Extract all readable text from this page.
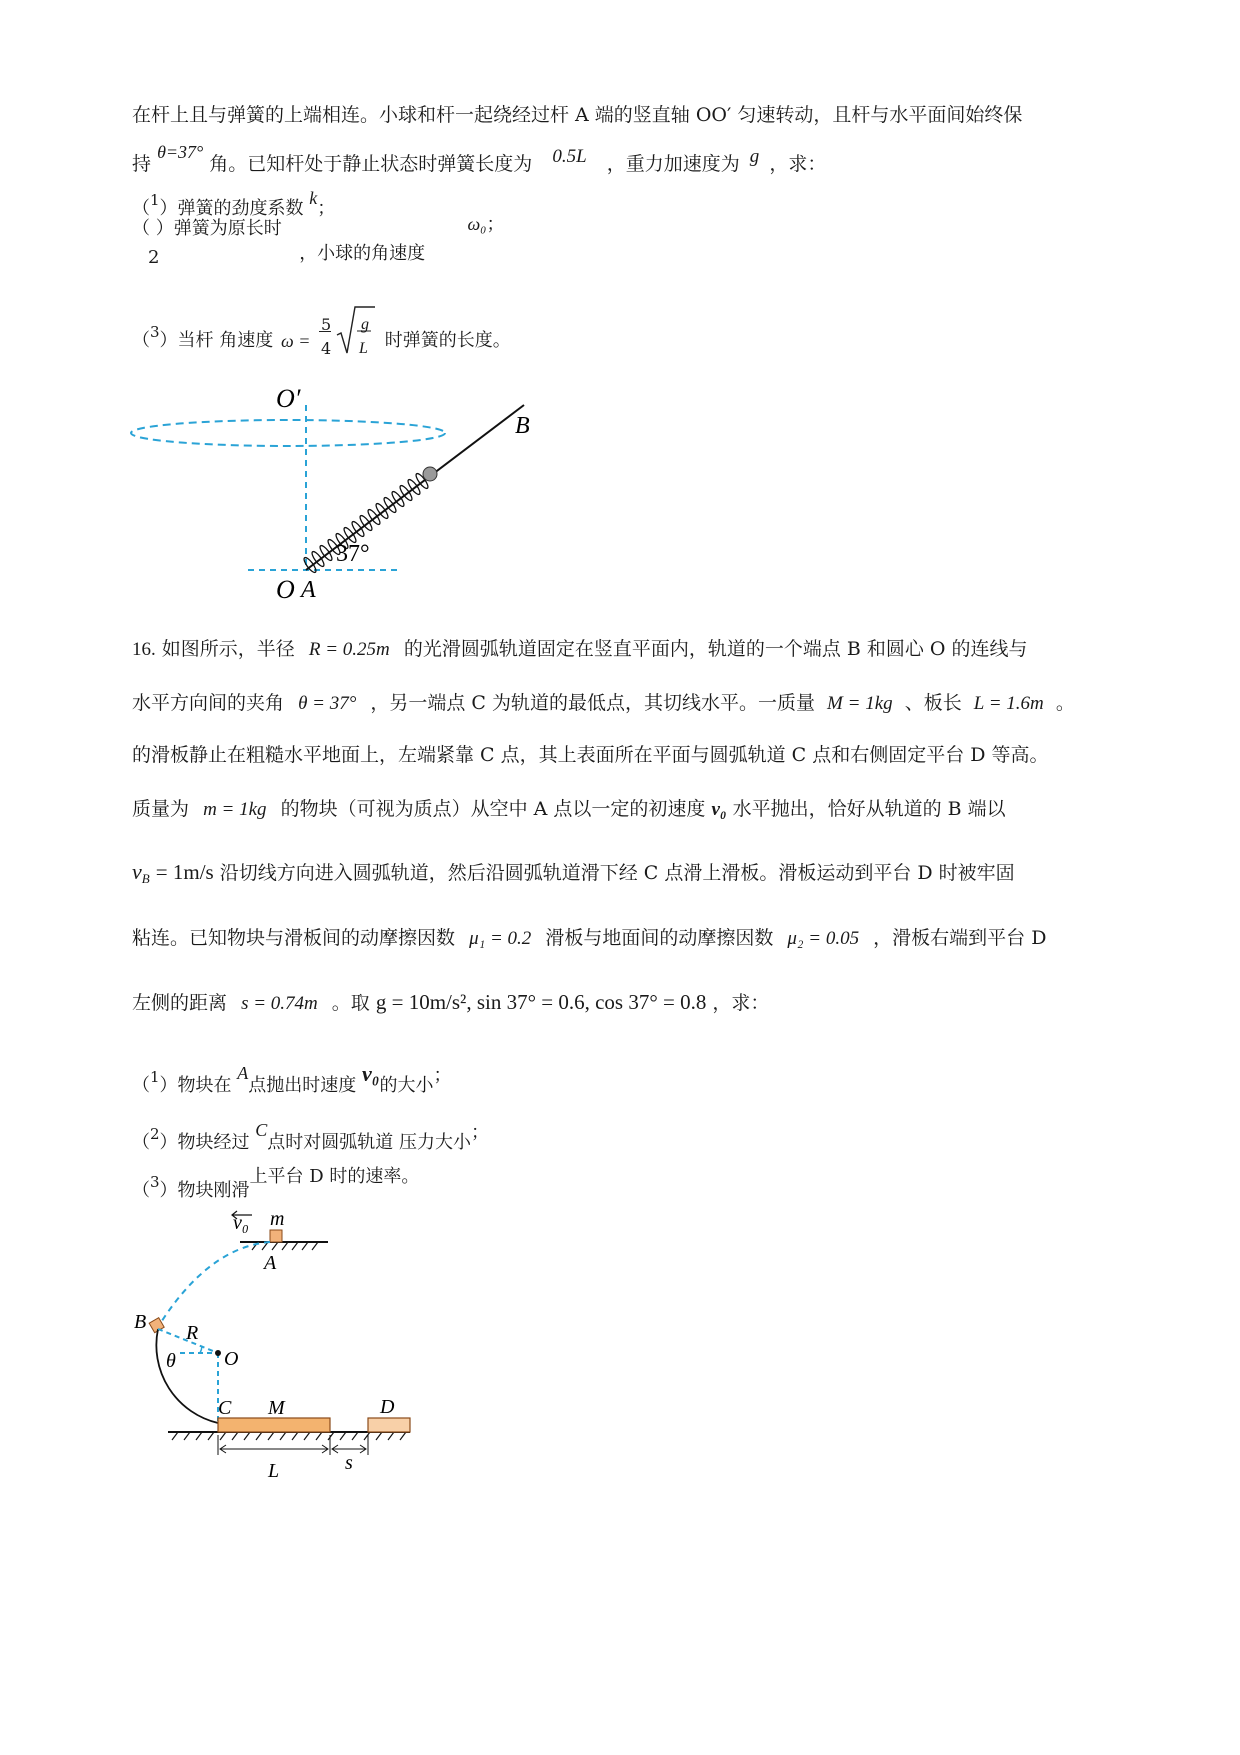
在杆上且与弹簧的上端相连。小球和杆一起绕经过杆 A 端的竖直轴 OO′ 匀速转动，且杆与水平面间始终保
持 θ=37° 角。已知杆处于静止状态时弹簧长度为 0.5L ，重力加速度为 g ，求：
（$^1$）弹簧的劲度系数 k；
（ ）弹簧为原长时	ω₀；
2	，小球的角速度
（$^3$）当杆 角速度 ω =
5
4
g
L 时弹簧的长度。
O′
B
37°
O A
16. 如图所示，半径 R = 0.25m 的光滑圆弧轨道固定在竖直平面内，轨道的一个端点 B 和圆心 O 的连线与
水平方向间的夹角 θ = 37° ，另一端点 C 为轨道的最低点，其切线水平。一质量 M = 1kg 、板长 L = 1.6m 。
的滑板静止在粗糙水平地面上，左端紧靠 C 点，其上表面所在平面与圆弧轨道 C 点和右侧固定平台 D 等高。
质量为 m = 1kg 的物块（可视为质点）从空中 A 点以一定的初速度 v₀ 水平抛出，恰好从轨道的 B 端以
$v_B = 1m/s$ 沿切线方向进入圆弧轨道，然后沿圆弧轨道滑下经 C 点滑上滑板。滑板运动到平台 D 时被牢固
粘连。已知物块与滑板间的动摩擦因数 μ₁ = 0.2 滑板与地面间的动摩擦因数 μ₂ = 0.05 ，滑板右端到平台 D
左侧的距离 s = 0.74m 。取 g = 10m/s², sin 37° = 0.6, cos 37° = 0.8 ，求：
（$^1$）物块在 A点抛出时速度 v₀的大小；
（$^2$）物块经过 C点时对圆弧轨道 压力大小；
（$^3$）物块刚滑上平台 D 时的速率。
v₀ m
A
B R
θ O
C M	D
L	s
